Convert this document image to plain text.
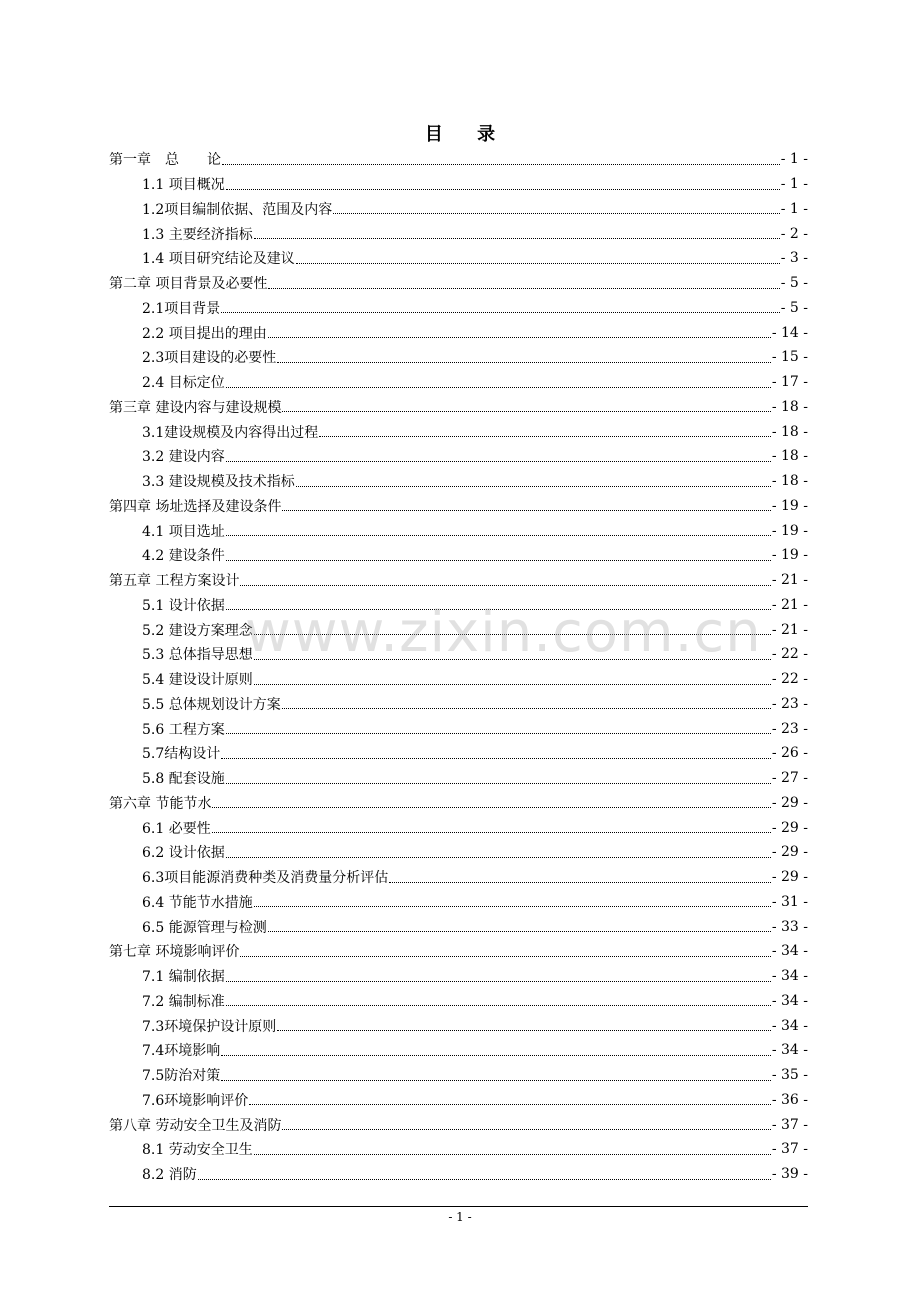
目 录
第一章　总　　论	- 1 -
1.1 项目概况	- 1 -
1.2项目编制依据、范围及内容	- 1 -
1.3 主要经济指标	- 2 -
1.4 项目研究结论及建议	- 3 -
第二章 项目背景及必要性	- 5 -
2.1项目背景	- 5 -
2.2 项目提出的理由	- 14 -
2.3项目建设的必要性	- 15 -
2.4 目标定位	- 17 -
第三章 建设内容与建设规模	- 18 -
3.1建设规模及内容得出过程	- 18 -
3.2 建设内容	- 18 -
3.3 建设规模及技术指标	- 18 -
第四章 场址选择及建设条件	- 19 -
4.1 项目选址	- 19 -
4.2 建设条件	- 19 -
第五章 工程方案设计	- 21 -
5.1 设计依据	- 21 -
5.2 建设方案理念	- 21 -
5.3 总体指导思想	- 22 -
5.4 建设设计原则	- 22 -
5.5 总体规划设计方案	- 23 -
5.6 工程方案	- 23 -
5.7结构设计	- 26 -
5.8 配套设施	- 27 -
第六章 节能节水	- 29 -
6.1 必要性	- 29 -
6.2 设计依据	- 29 -
6.3项目能源消费种类及消费量分析评估	- 29 -
6.4 节能节水措施	- 31 -
6.5 能源管理与检测	- 33 -
第七章 环境影响评价	- 34 -
7.1 编制依据	- 34 -
7.2 编制标准	- 34 -
7.3环境保护设计原则	- 34 -
7.4环境影响	- 34 -
7.5防治对策	- 35 -
7.6环境影响评价	- 36 -
第八章 劳动安全卫生及消防	- 37 -
8.1 劳动安全卫生	- 37 -
8.2 消防	- 39 -
www.zixin.com.cn
- 1 -
